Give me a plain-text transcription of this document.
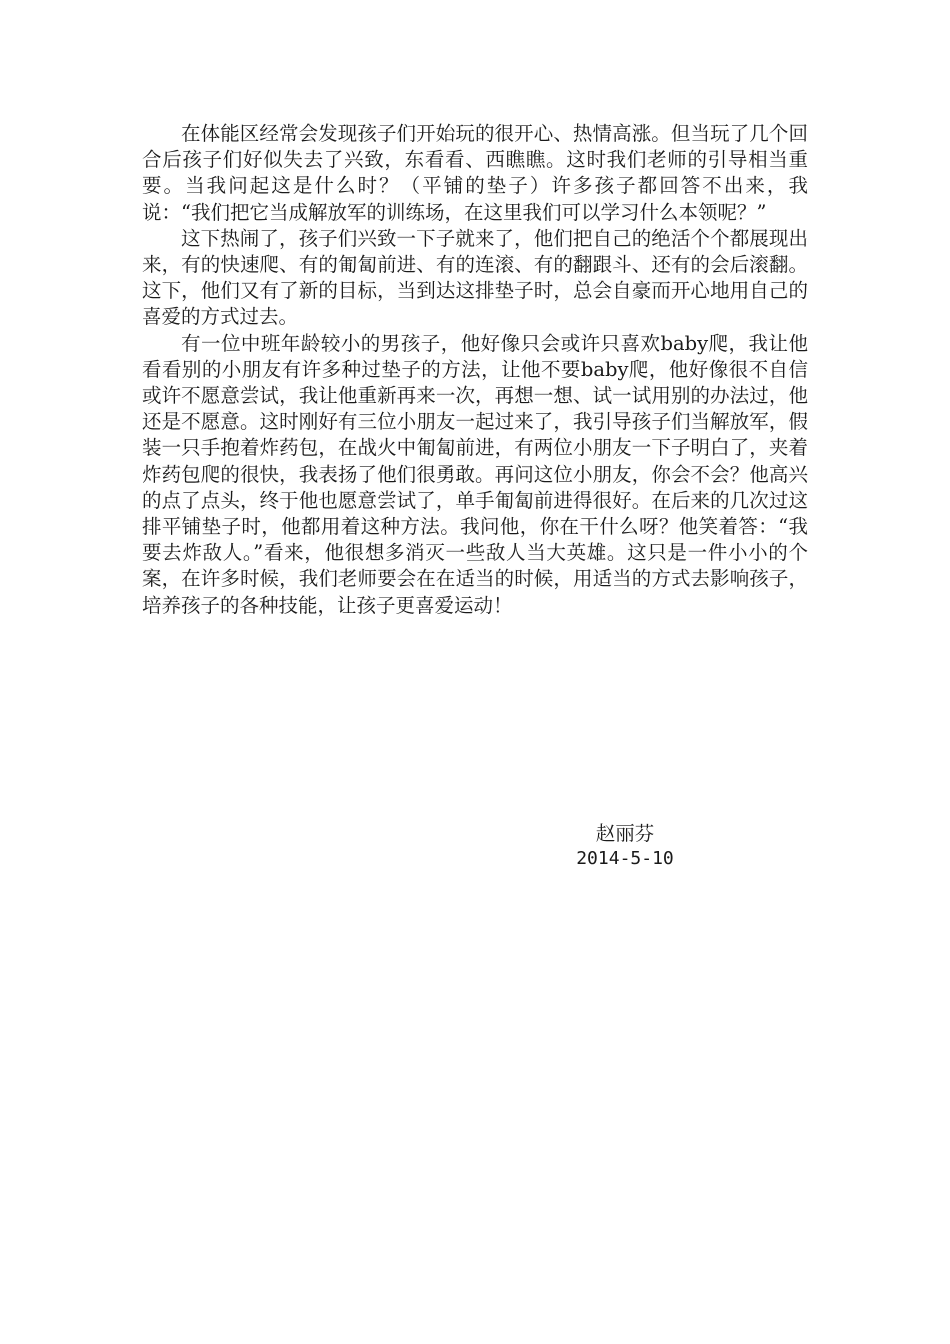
在体能区经常会发现孩子们开始玩的很开心、热情高涨。但当玩了几个回合后孩子们好似失去了兴致，东看看、西瞧瞧。这时我们老师的引导相当重要。当我问起这是什么时？（平铺的垫子）许多孩子都回答不出来，我说：“我们把它当成解放军的训练场，在这里我们可以学习什么本领呢？”

这下热闹了，孩子们兴致一下子就来了，他们把自己的绝活个个都展现出来，有的快速爬、有的匍匐前进、有的连滚、有的翻跟斗、还有的会后滚翻。这下，他们又有了新的目标，当到达这排垫子时，总会自豪而开心地用自己的喜爱的方式过去。

有一位中班年龄较小的男孩子，他好像只会或许只喜欢baby爬，我让他看看别的小朋友有许多种过垫子的方法，让他不要baby爬，他好像很不自信或许不愿意尝试，我让他重新再来一次，再想一想、试一试用别的办法过，他还是不愿意。这时刚好有三位小朋友一起过来了，我引导孩子们当解放军，假装一只手抱着炸药包，在战火中匍匐前进，有两位小朋友一下子明白了，夹着炸药包爬的很快，我表扬了他们很勇敢。再问这位小朋友，你会不会？他高兴的点了点头，终于他也愿意尝试了，单手匍匐前进得很好。在后来的几次过这排平铺垫子时，他都用着这种方法。我问他，你在干什么呀？他笑着答：“我要去炸敌人。”看来，他很想多消灭一些敌人当大英雄。这只是一件小小的个案，在许多时候，我们老师要会在在适当的时候，用适当的方式去影响孩子，培养孩子的各种技能，让孩子更喜爱运动！

赵丽芬
2014-5-10
